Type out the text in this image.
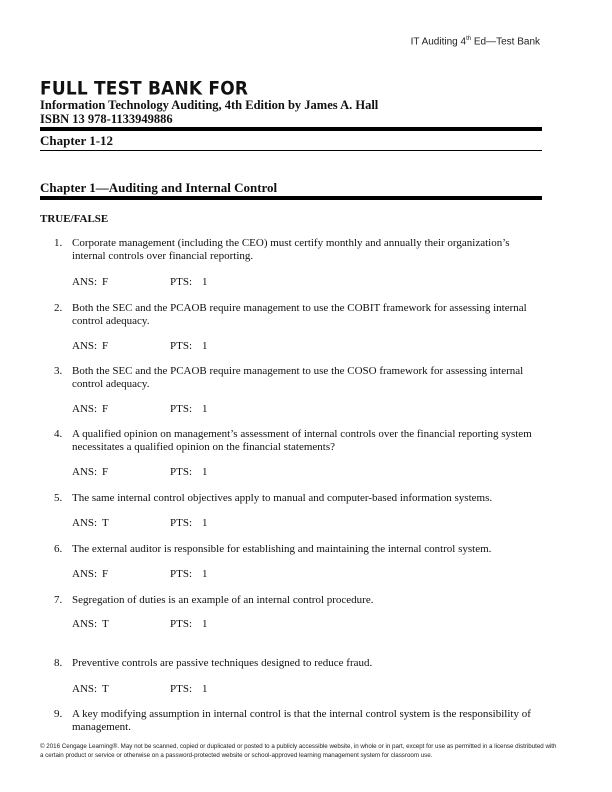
IT Auditing 4th Ed—Test Bank
FULL TEST BANK FOR
Information Technology Auditing, 4th Edition by James A. Hall
ISBN 13 978-1133949886
Chapter 1-12
Chapter 1—Auditing and Internal Control
TRUE/FALSE
1. Corporate management (including the CEO) must certify monthly and annually their organization’s internal controls over financial reporting.
ANS: F	PTS: 1
2. Both the SEC and the PCAOB require management to use the COBIT framework for assessing internal control adequacy.
ANS: F	PTS: 1
3. Both the SEC and the PCAOB require management to use the COSO framework for assessing internal control adequacy.
ANS: F	PTS: 1
4. A qualified opinion on management’s assessment of internal controls over the financial reporting system necessitates a qualified opinion on the financial statements?
ANS: F	PTS: 1
5. The same internal control objectives apply to manual and computer-based information systems.
ANS: T	PTS: 1
6. The external auditor is responsible for establishing and maintaining the internal control system.
ANS: F	PTS: 1
7. Segregation of duties is an example of an internal control procedure.
ANS: T	PTS: 1
8. Preventive controls are passive techniques designed to reduce fraud.
ANS: T	PTS: 1
9. A key modifying assumption in internal control is that the internal control system is the responsibility of management.
© 2016 Cengage Learning®. May not be scanned, copied or duplicated or posted to a publicly accessible website, in whole or in part, except for use as permitted in a license distributed with a certain product or service or otherwise on a password-protected website or school-approved learning management system for classroom use.
